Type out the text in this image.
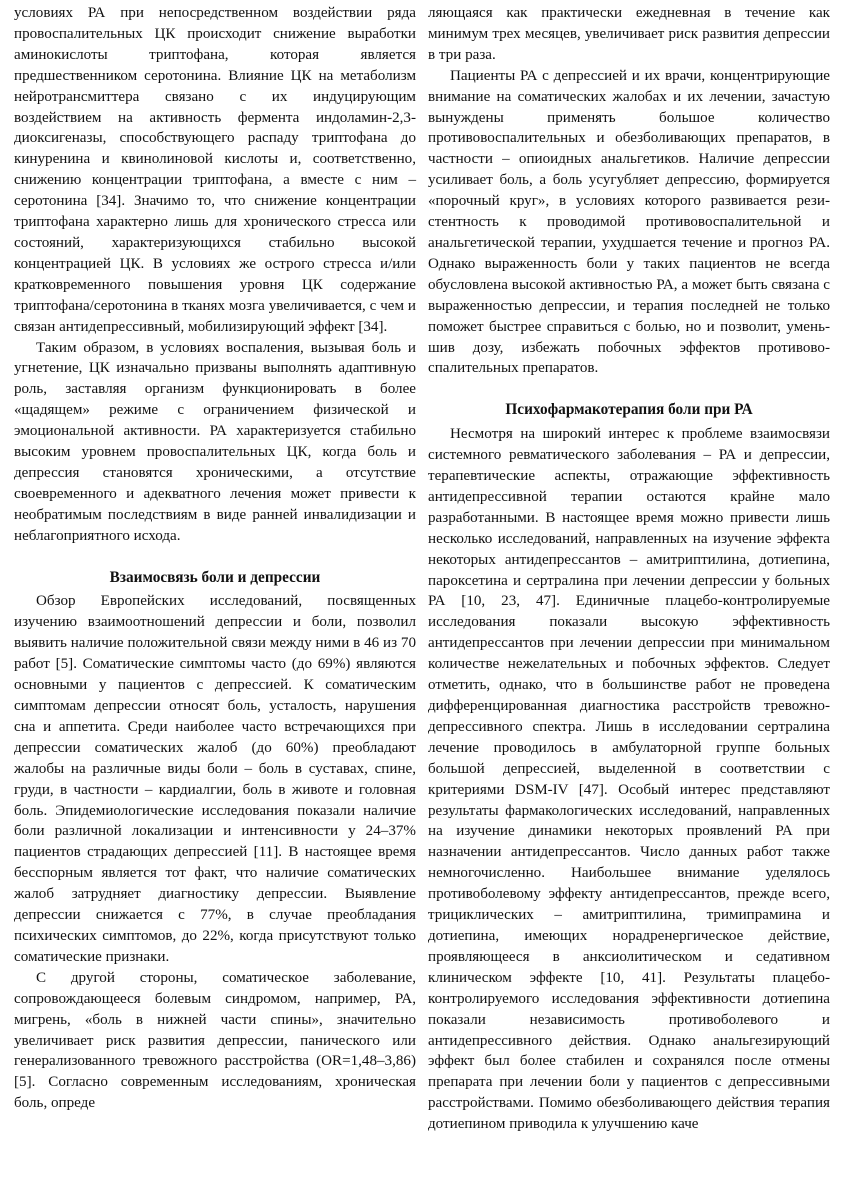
условиях РА при непосредственном воздействии ряда провоспалительных ЦК происходит снижение выработки аминокислоты триптофана, которая является предшественником серотонина. Влияние ЦК на метаболизм нейротрансмиттера связано с их индуцирующим воздействием на активность фермента индоламин-2,3-диоксигеназы, способствующего распаду триптофана до кинуренина и квинолиновой кислоты и, соответственно, снижению концентрации триптофана, а вместе с ним – серотонина [34]. Значимо то, что снижение концентрации триптофана характерно лишь для хронического стресса или состояний, характеризующихся стабильно высокой концентрацией ЦК. В условиях же острого стресса и/или кратковременного повышения уровня ЦК содержание триптофана/серотонина в тканях мозга увеличивается, с чем и связан антидепрессивный, мобилизирующий эффект [34].

Таким образом, в условиях воспаления, вызывая боль и угнетение, ЦК изначально призваны выполнять адаптивную роль, заставляя организм функционировать в более «щадящем» режиме с ограничением физической и эмоциональной активности. РА характеризуется стабильно высоким уровнем провоспалительных ЦК, когда боль и депрессия становятся хроническими, а отсутствие своевременного и адекватного лечения может привести к необратимым последствиям в виде ранней инвалидизации и неблагоприятного исхода.

Взаимосвязь боли и депрессии

Обзор Европейских исследований, посвященных изучению взаимоотношений депрессии и боли, позволил выявить наличие положительной связи между ними в 46 из 70 работ [5]. Соматические симптомы часто (до 69%) являются основными у пациентов с депрессией. К соматическим симптомам депрессии относят боль, усталость, нарушения сна и аппетита. Среди наиболее часто встречающихся при депрессии соматических жалоб (до 60%) преобладают жалобы на различные виды боли – боль в суставах, спине, груди, в частности – кардиалгии, боль в животе и головная боль. Эпидемиологические исследования показали наличие боли различной локализации и интенсивности у 24–37% пациентов страдающих депрессией [11]. В настоящее время бесспорным является тот факт, что наличие соматических жалоб затрудняет диагностику депрессии. Выявление депрессии снижается с 77%, в случае преобладания психических симптомов, до 22%, когда присутствуют только соматические признаки.

С другой стороны, соматическое заболевание, сопровождающееся болевым синдромом, например, РА, мигрень, «боль в нижней части спины», значительно увеличивает риск развития депрессии, панического или генерализованного тревожного расстройства (OR=1,48–3,86) [5]. Согласно современным исследованиям, хроническая боль, опреде

ляющаяся как практически ежедневная в течение как минимум трех месяцев, увеличивает риск развития депрессии в три раза.

Пациенты РА с депрессией и их врачи, концентрирующие внимание на соматических жалобах и их лечении, зачастую вынуждены применять большое количество противовоспалительных и обезболивающих препаратов, в частности – опиоидных анальгетиков. Наличие депрессии усиливает боль, а боль усугубляет депрессию, формируется «порочный круг», в условиях которого развивается резистентность к проводимой противовоспалительной и анальгетической терапии, ухудшается течение и прогноз РА. Однако выраженность боли у таких пациентов не всегда обусловлена высокой активностью РА, а может быть связана с выраженностью депрессии, и терапия последней не только поможет быстрее справиться с болью, но и позволит, уменьшив дозу, избежать побочных эффектов противовоспалительных препаратов.

Психофармакотерапия боли при РА

Несмотря на широкий интерес к проблеме взаимосвязи системного ревматического заболевания – РА и депрессии, терапевтические аспекты, отражающие эффективность антидепрессивной терапии остаются крайне мало разработанными. В настоящее время можно привести лишь несколько исследований, направленных на изучение эффекта некоторых антидепрессантов – амитриптилина, дотиепина, пароксетина и сертралина при лечении депрессии у больных РА [10, 23, 47]. Единичные плацебо-контролируемые исследования показали высокую эффективность антидепрессантов при лечении депрессии при минимальном количестве нежелательных и побочных эффектов. Следует отметить, однако, что в большинстве работ не проведена дифференцированная диагностика расстройств тревожно-депрессивного спектра. Лишь в исследовании сертралина лечение проводилось в амбулаторной группе больных большой депрессией, выделенной в соответствии с критериями DSM-IV [47]. Особый интерес представляют результаты фармакологических исследований, направленных на изучение динамики некоторых проявлений РА при назначении антидепрессантов. Число данных работ также немногочисленно. Наибольшее внимание уделялось противоболевому эффекту антидепрессантов, прежде всего, трициклических – амитриптилина, тримипрамина и дотиепина, имеющих норадренергическое действие, проявляющееся в анксиолитическом и седативном клиническом эффекте [10, 41]. Результаты плацебо-контролируемого исследования эффективности дотиепина показали независимость противоболевого и антидепрессивного действия. Однако анальгезирующий эффект был более стабилен и сохранялся после отмены препарата при лечении боли у пациентов с депрессивными расстройствами. Помимо обезболивающего действия терапия дотиепином приводила к улучшению каче
